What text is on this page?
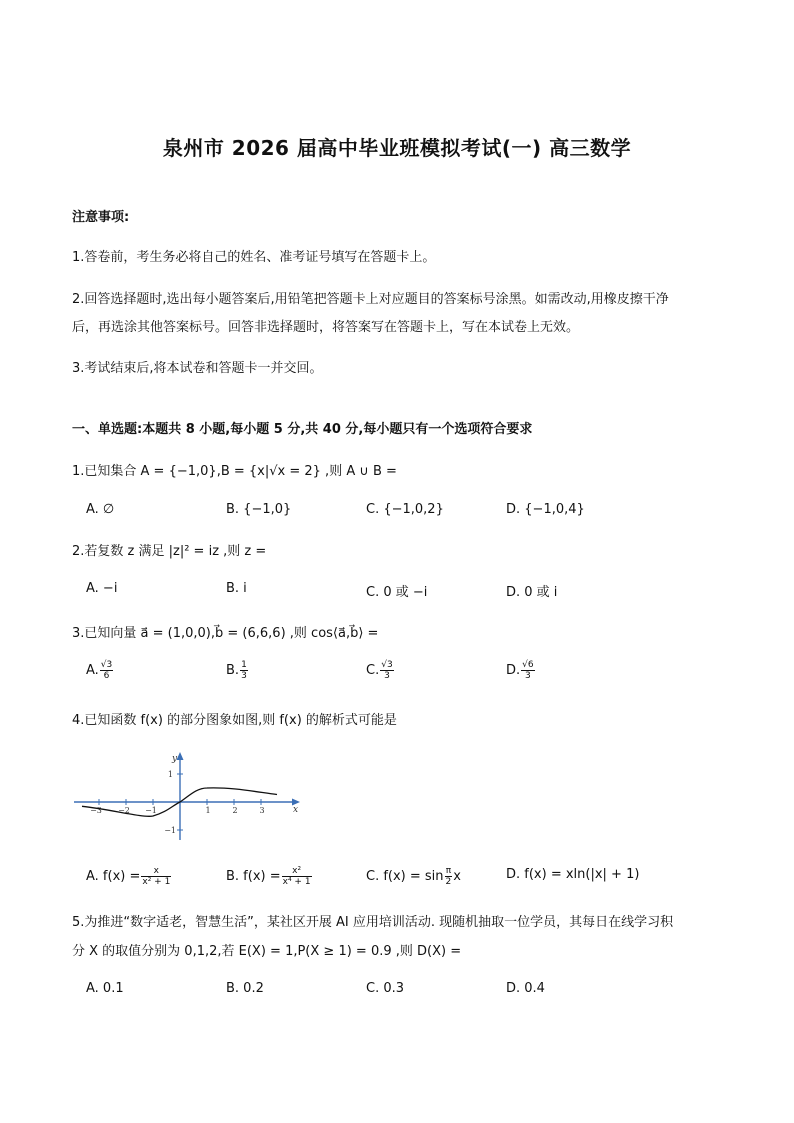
泉州市 2026 届高中毕业班模拟考试(一) 高三数学
注意事项:
1.答卷前，考生务必将自己的姓名、准考证号填写在答题卡上。
2.回答选择题时,选出每小题答案后,用铅笔把答题卡上对应题目的答案标号涂黑。如需改动,用橡皮擦干净
后，再选涂其他答案标号。回答非选择题时，将答案写在答题卡上，写在本试卷上无效。
3.考试结束后,将本试卷和答题卡一并交回。
一、单选题:本题共 8 小题,每小题 5 分,共 40 分,每小题只有一个选项符合要求
1.已知集合 A = {−1,0},B = {x|√x = 2} ,则 A ∪ B =
A. ∅	B. {−1,0}	C. {−1,0,2}	D. {−1,0,4}
2.若复数 z 满足 |z|² = iz ,则 z =
A. −i	B. i	C. 0 或 −i	D. 0 或 i
3.已知向量 a⃗ = (1,0,0),b⃗ = (6,6,6) ,则 cos⟨a⃗,b⃗⟩ =
A. $\frac{√3}{6}$	B. $\frac{1}{3}$	C. $\frac{√3}{3}$	D. $\frac{√6}{3}$
4.已知函数 f(x) 的部分图象如图,则 f(x) 的解析式可能是
−3 −2 −1	1	2	3
1
−1
x
y
A. $f(x) = \frac{x}{\text{x² + 1}}$	B. $f(x) = \frac{\text{x²}}{\text{x⁴ + 1}}$	C. $f(x) = \sin \frac{\pi}{2}$ x	D. f(x) = xln(|x| + 1)
5.为推进“数字适老，智慧生活”，某社区开展 AI 应用培训活动. 现随机抽取一位学员，其每日在线学习积
分 X 的取值分别为 0,1,2,若 E(X) = 1,P(X ≥ 1) = 0.9 ,则 D(X) =
A. 0.1	B. 0.2	C. 0.3	D. 0.4
